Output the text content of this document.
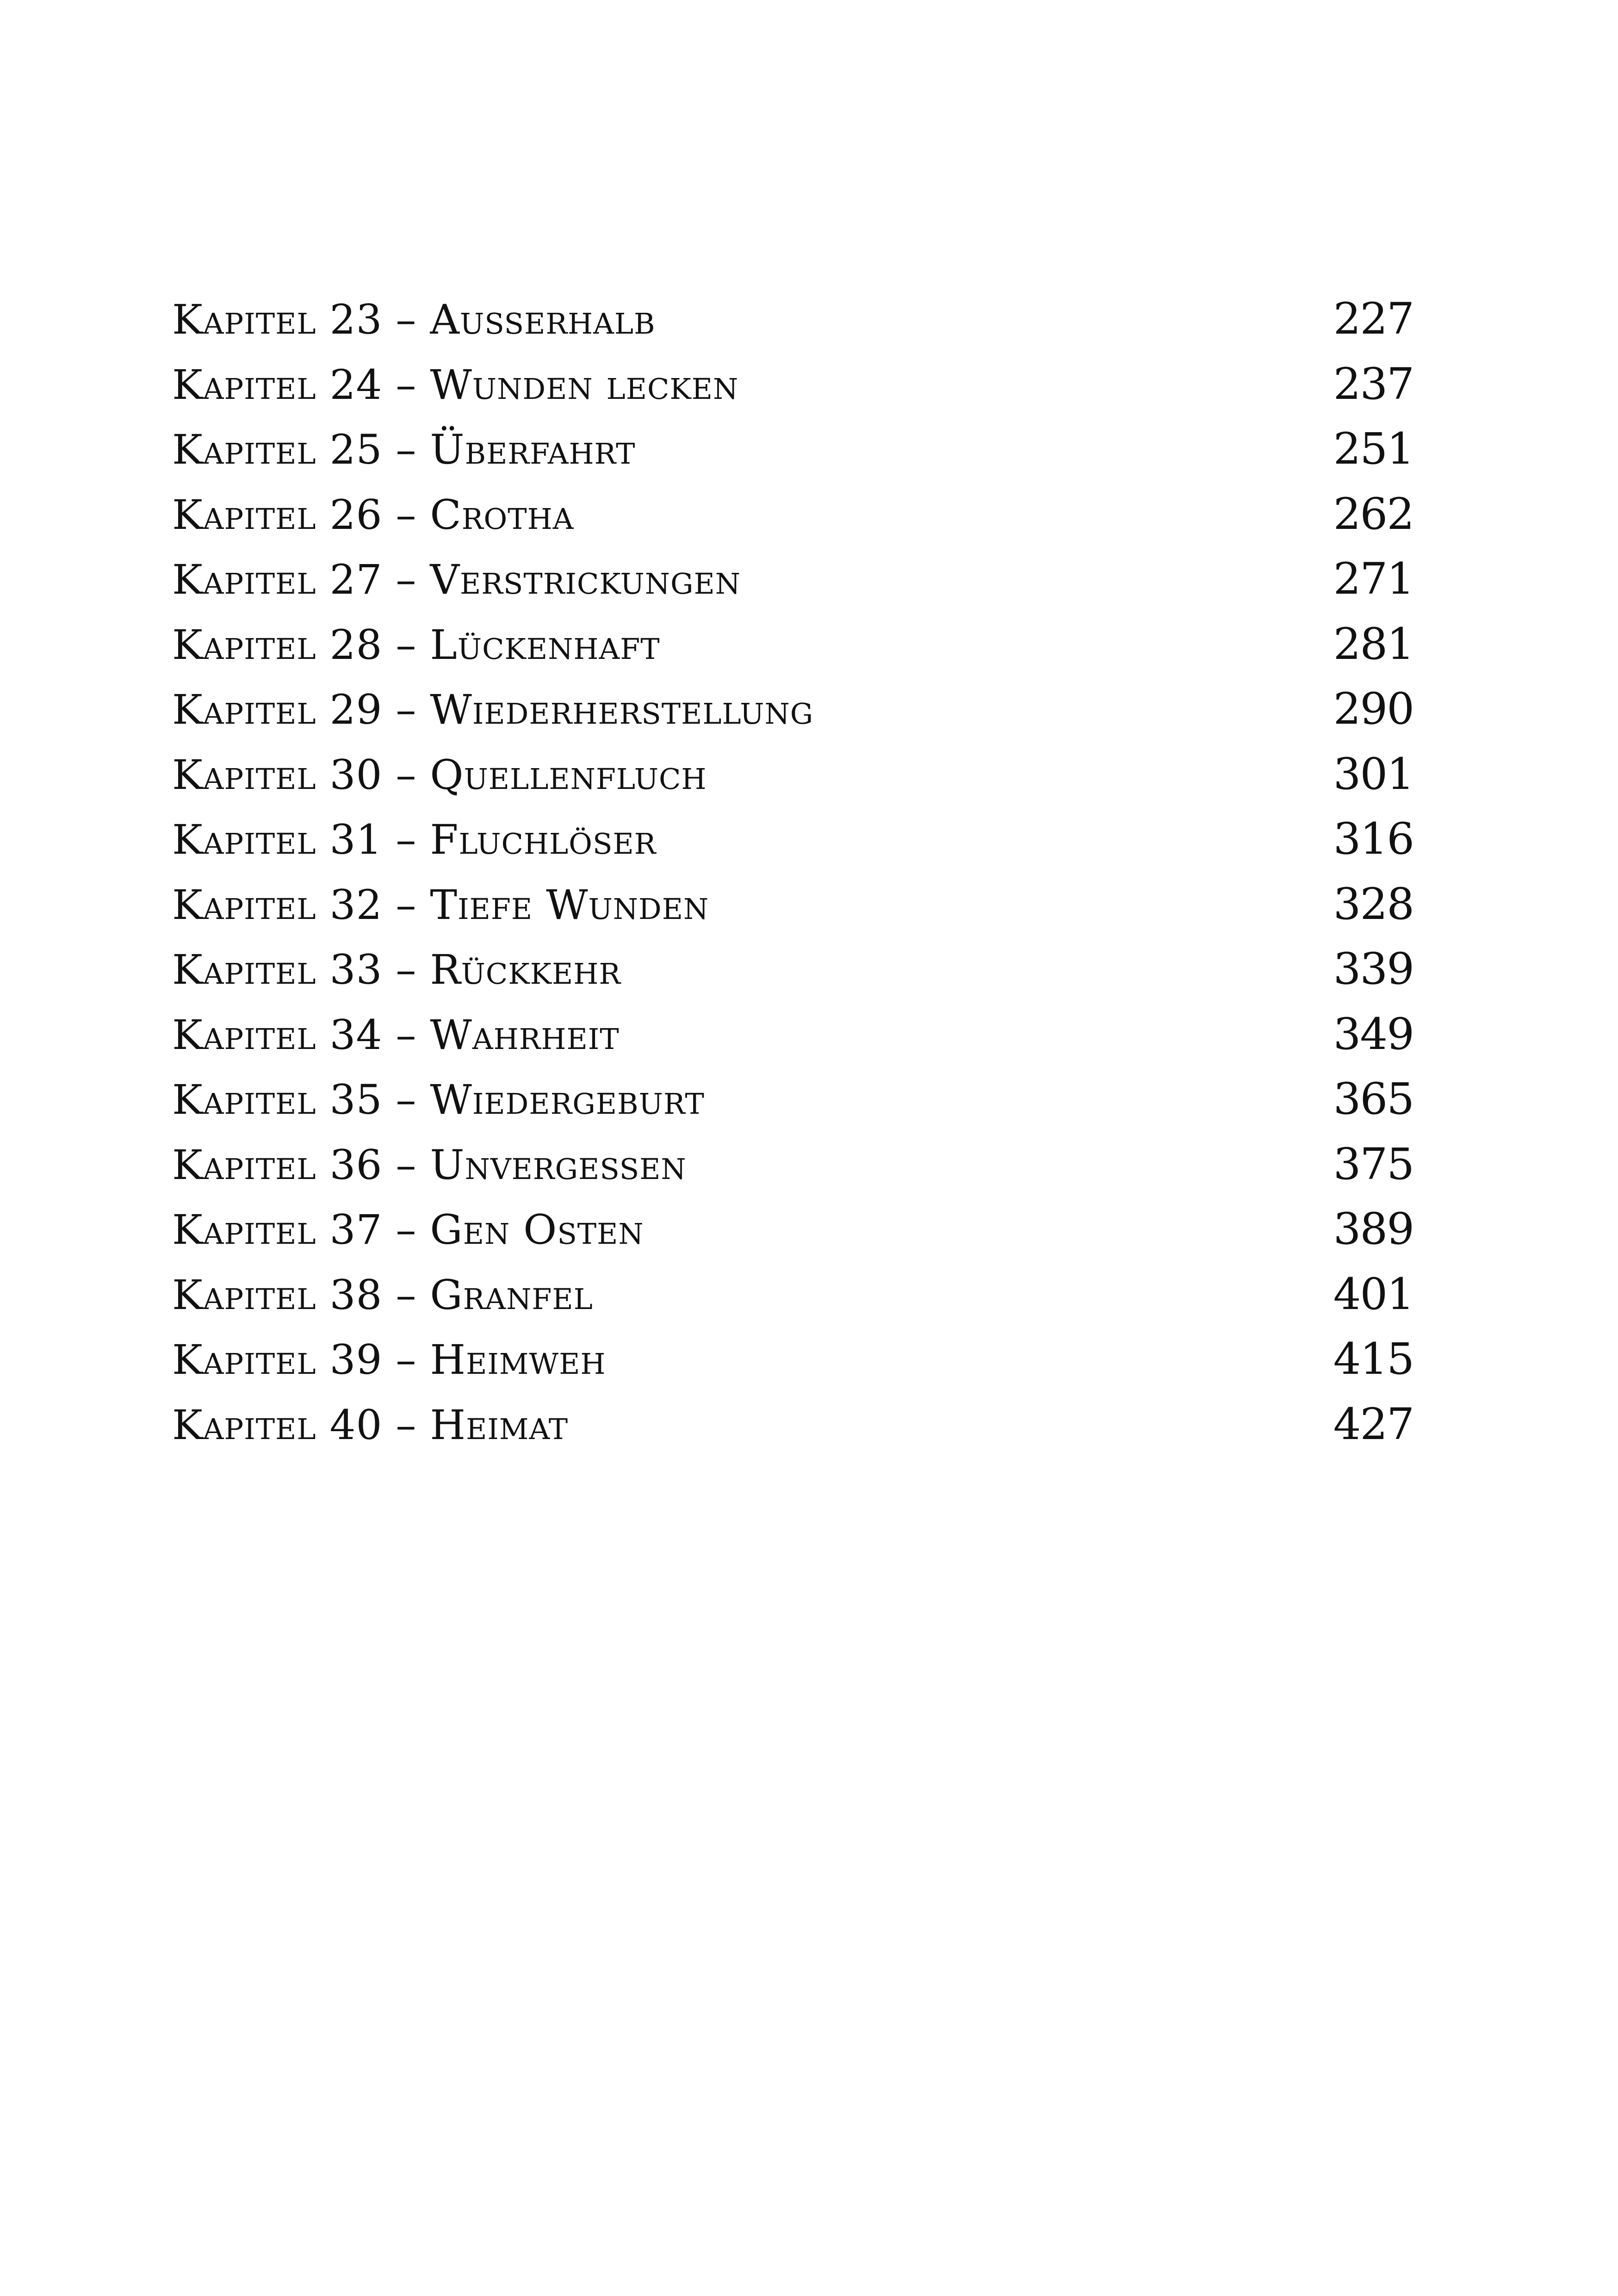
Kapitel 23 – Ausserhalb	227
Kapitel 24 – Wunden lecken	237
Kapitel 25 – Überfahrt	251
Kapitel 26 – Crotha	262
Kapitel 27 – Verstrickungen	271
Kapitel 28 – Lückenhaft	281
Kapitel 29 – Wiederherstellung	290
Kapitel 30 – Quellenfluch	301
Kapitel 31 – Fluchlöser	316
Kapitel 32 – Tiefe Wunden	328
Kapitel 33 – Rückkehr	339
Kapitel 34 – Wahrheit	349
Kapitel 35 – Wiedergeburt	365
Kapitel 36 – Unvergessen	375
Kapitel 37 – Gen Osten	389
Kapitel 38 – Granfel	401
Kapitel 39 – Heimweh	415
Kapitel 40 – Heimat	427
